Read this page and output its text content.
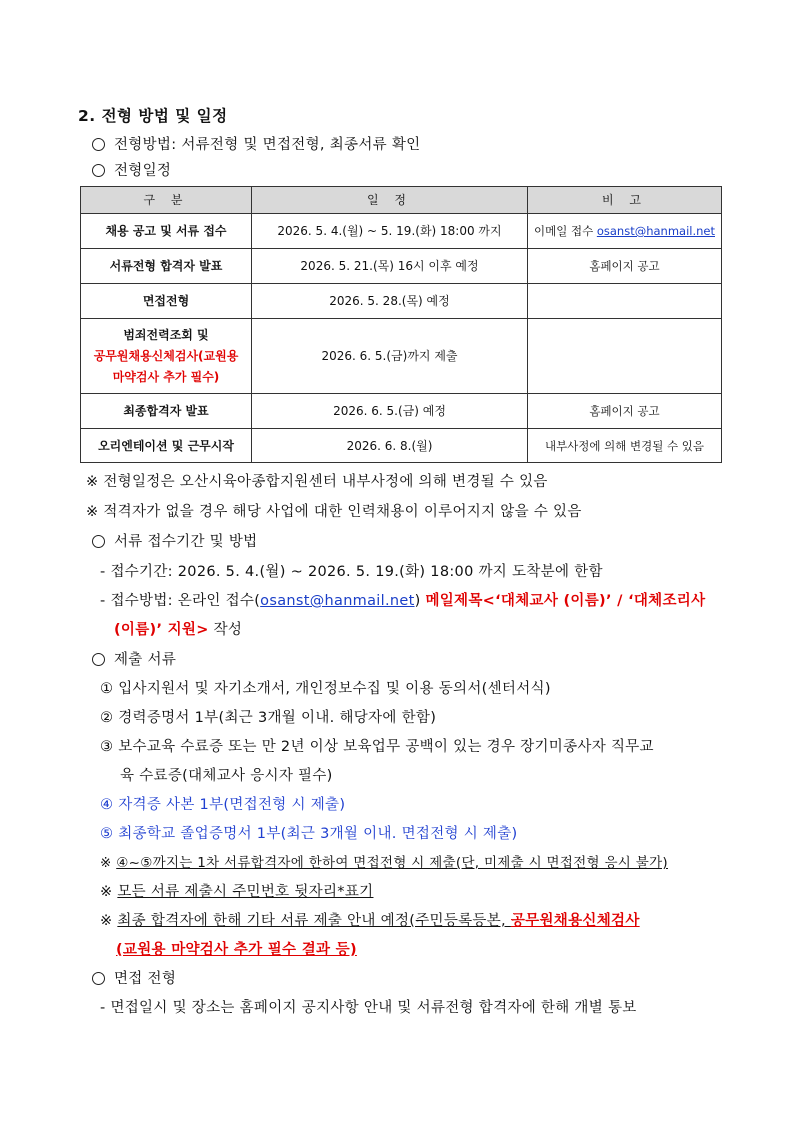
2. 전형 방법 및 일정
전형방법: 서류전형 및 면접전형, 최종서류 확인
전형일정
구 분	일 정	비 고
채용 공고 및 서류 접수	2026. 5. 4.(월) ~ 5. 19.(화) 18:00 까지	이메일 접수 osanst@hanmail.net
서류전형 합격자 발표	2026. 5. 21.(목) 16시 이후 예정	홈페이지 공고
면접전형	2026. 5. 28.(목) 예정	

범죄전력조회 및
공무원채용신체검사(교원용
마약검사 추가 필수)	2026. 6. 5.(금)까지 제출	
최종합격자 발표	2026. 6. 5.(금) 예정	홈페이지 공고
오리엔테이션 및 근무시작	2026. 6. 8.(월)	내부사정에 의해 변경될 수 있음
※ 전형일정은 오산시육아종합지원센터 내부사정에 의해 변경될 수 있음
※ 적격자가 없을 경우 해당 사업에 대한 인력채용이 이루어지지 않을 수 있음
서류 접수기간 및 방법
- 접수기간: 2026. 5. 4.(월) ~ 2026. 5. 19.(화) 18:00 까지 도착분에 한함
- 접수방법: 온라인 접수(osanst@hanmail.net) 메일제목<‘대체교사 (이름)’ / ‘대체조리사
(이름)’ 지원> 작성
제출 서류
① 입사지원서 및 자기소개서, 개인정보수집 및 이용 동의서(센터서식)
② 경력증명서 1부(최근 3개월 이내. 해당자에 한함)
③ 보수교육 수료증 또는 만 2년 이상 보육업무 공백이 있는 경우 장기미종사자 직무교
육 수료증(대체교사 응시자 필수)
④ 자격증 사본 1부(면접전형 시 제출)
⑤ 최종학교 졸업증명서 1부(최근 3개월 이내. 면접전형 시 제출)
※ ④~⑤까지는 1차 서류합격자에 한하여 면접전형 시 제출(단, 미제출 시 면접전형 응시 불가)
※ 모든 서류 제출시 주민번호 뒷자리*표기
※ 최종 합격자에 한해 기타 서류 제출 안내 예정(주민등록등본, 공무원채용신체검사
(교원용 마약검사 추가 필수 결과 등)
면접 전형
- 면접일시 및 장소는 홈페이지 공지사항 안내 및 서류전형 합격자에 한해 개별 통보
